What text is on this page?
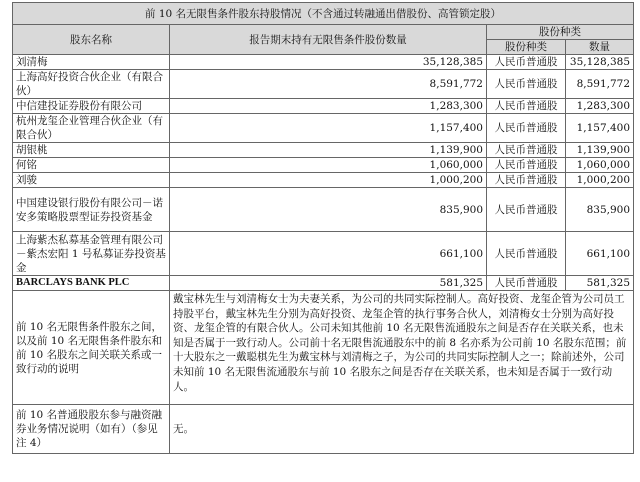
前 10 名无限售条件股东持股情况（不含通过转融通出借股份、高管锁定股）			
股东名称	报告期末持有无限售条件股份数量	股份种类	
		股份种类	数量
刘清梅	35,128,385	人民币普通股	35,128,385
上海高好投资合伙企业（有限合伙）	8,591,772	人民币普通股	8,591,772
中信建投证券股份有限公司	1,283,300	人民币普通股	1,283,300
杭州龙玺企业管理合伙企业（有限合伙）	1,157,400	人民币普通股	1,157,400
胡银桃	1,139,900	人民币普通股	1,139,900
何铭	1,060,000	人民币普通股	1,060,000
刘骏	1,000,200	人民币普通股	1,000,200
中国建设银行股份有限公司－诺安多策略股票型证券投资基金	835,900	人民币普通股	835,900
上海紫杰私募基金管理有限公司－紫杰宏阳 1 号私募证券投资基金	661,100	人民币普通股	661,100
BARCLAYS BANK PLC	581,325	人民币普通股	581,325
前 10 名无限售条件股东之间，以及前 10 名无限售条件股东和前 10 名股东之间关联关系或一致行动的说明	戴宝林先生与刘清梅女士为夫妻关系，为公司的共同实际控制人。高好投资、龙玺企管为公司员工持股平台，戴宝林先生分别为高好投资、龙玺企管的执行事务合伙人，刘清梅女士分别为高好投资、龙玺企管的有限合伙人。公司未知其他前 10 名无限售流通股东之间是否存在关联关系，也未知是否属于一致行动人。公司前十名无限售流通股东中的前 8 名亦系为公司前 10 名股东范围；前十大股东之一戴聪棋先生为戴宝林与刘清梅之子，为公司的共同实际控制人之一；除前述外，公司未知前 10 名无限售流通股东与前 10 名股东之间是否存在关联关系，也未知是否属于一致行动人。		
前 10 名普通股股东参与融资融券业务情况说明（如有）（参见注 4）	无。		
